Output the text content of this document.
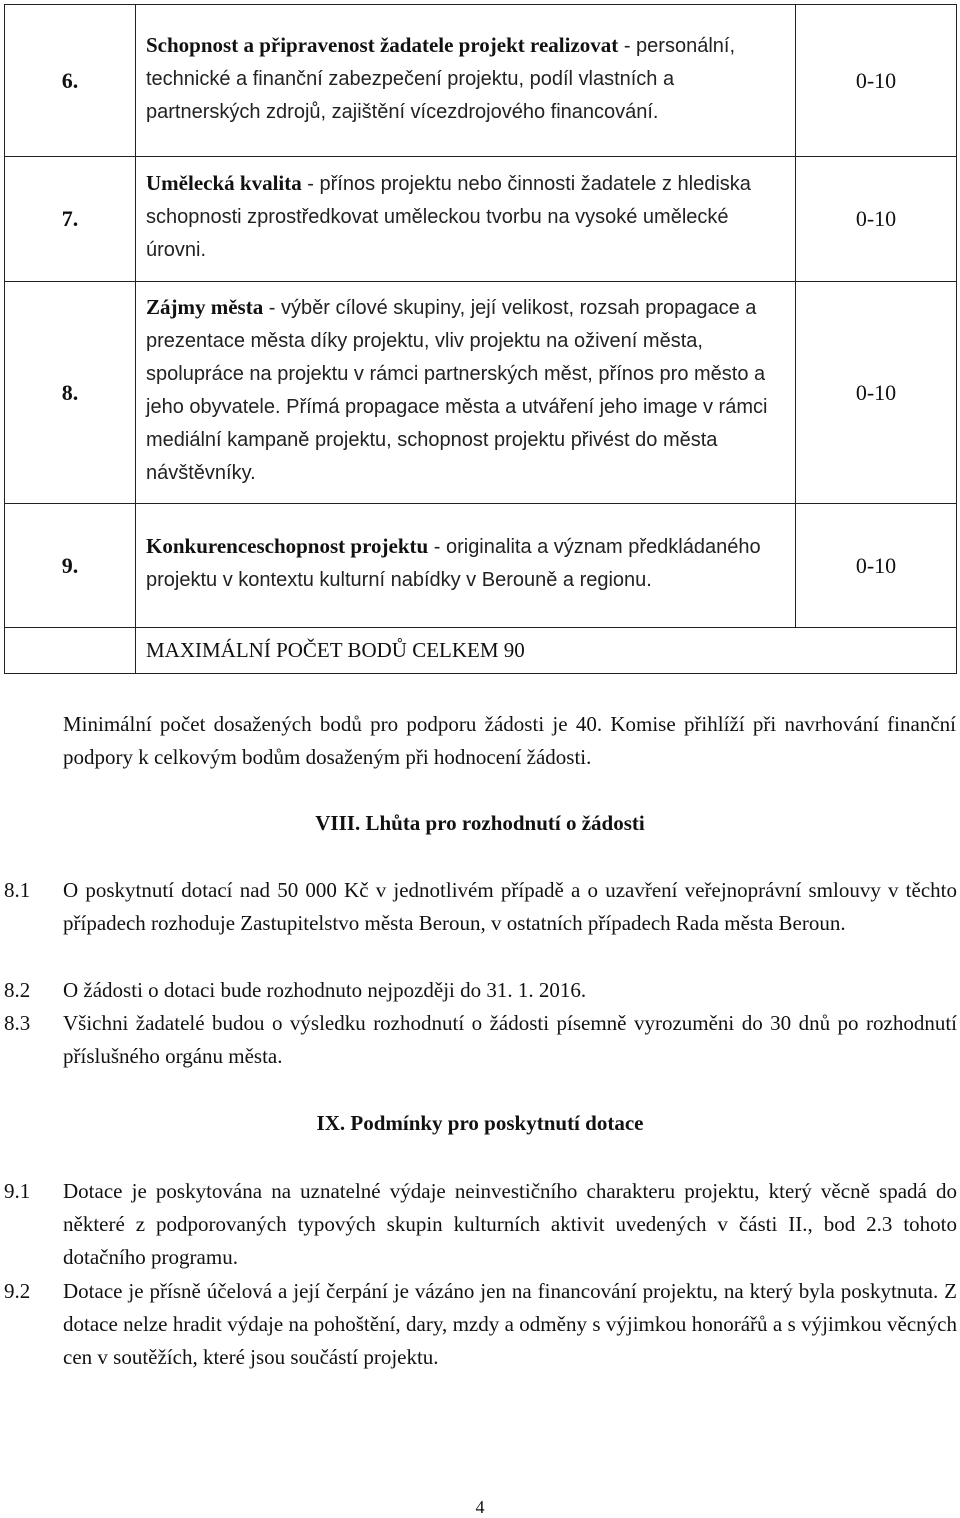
6.	Schopnost a připravenost žadatele projekt realizovat - personální, technické a finanční zabezpečení projektu, podíl vlastních a partnerských zdrojů, zajištění vícezdrojového financování.	0-10
7.	Umělecká kvalita - přínos projektu nebo činnosti žadatele z hlediska schopnosti zprostředkovat uměleckou tvorbu na vysoké umělecké úrovni.	0-10
8.	Zájmy města - výběr cílové skupiny, její velikost, rozsah propagace a prezentace města díky projektu, vliv projektu na oživení města, spolupráce na projektu v rámci partnerských měst, přínos pro město a jeho obyvatele. Přímá propagace města a utváření jeho image v rámci mediální kampaně projektu, schopnost projektu přivést do města návštěvníky.	0-10
9.	Konkurenceschopnost projektu - originalita a význam předkládaného projektu v kontextu kulturní nabídky v Berouně a regionu.	0-10
	MAXIMÁLNÍ POČET BODŮ CELKEM 90	
Minimální počet dosažených bodů pro podporu žádosti je 40. Komise přihlíží při navrhování finanční podpory k celkovým bodům dosaženým při hodnocení žádosti.
VIII. Lhůta pro rozhodnutí o žádosti
8.1 O poskytnutí dotací nad 50 000 Kč v jednotlivém případě a o uzavření veřejnoprávní smlouvy v těchto případech rozhoduje Zastupitelstvo města Beroun, v ostatních případech Rada města Beroun.
8.2 O žádosti o dotaci bude rozhodnuto nejpozději do 31. 1. 2016.
8.3 Všichni žadatelé budou o výsledku rozhodnutí o žádosti písemně vyrozuměni do 30 dnů po rozhodnutí příslušného orgánu města.
IX. Podmínky pro poskytnutí dotace
9.1 Dotace je poskytována na uznatelné výdaje neinvestičního charakteru projektu, který věcně spadá do některé z podporovaných typových skupin kulturních aktivit uvedených v části II., bod 2.3 tohoto dotačního programu.
9.2 Dotace je přísně účelová a její čerpání je vázáno jen na financování projektu, na který byla poskytnuta. Z dotace nelze hradit výdaje na pohoštění, dary, mzdy a odměny s výjimkou honorářů a s výjimkou věcných cen v soutěžích, které jsou součástí projektu.
4
